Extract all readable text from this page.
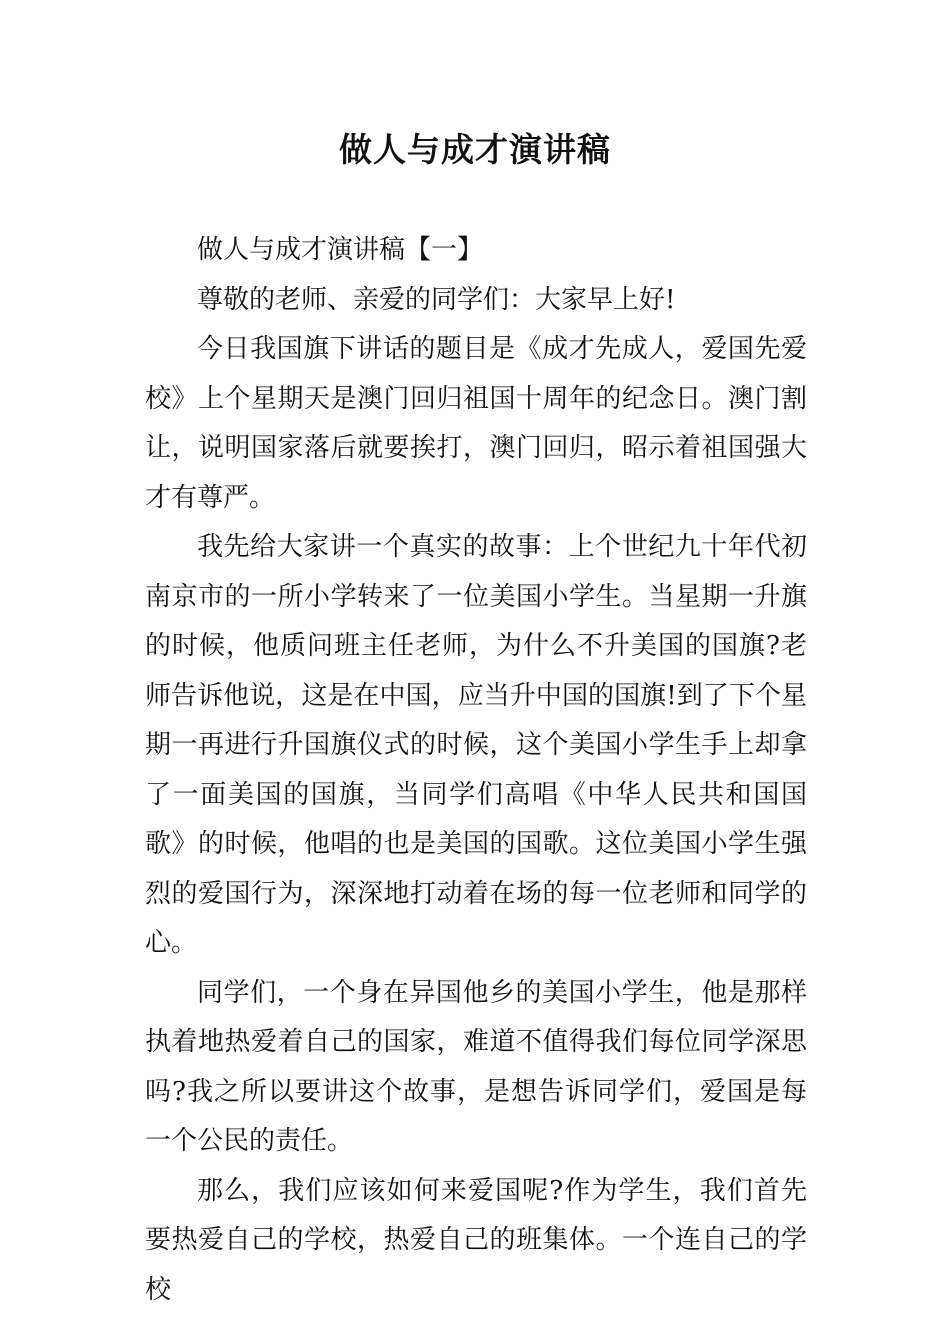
做人与成才演讲稿

做人与成才演讲稿【一】

尊敬的老师、亲爱的同学们：大家早上好!

今日我国旗下讲话的题目是《成才先成人，爱国先爱校》上个星期天是澳门回归祖国十周年的纪念日。澳门割让，说明国家落后就要挨打，澳门回归，昭示着祖国强大才有尊严。

我先给大家讲一个真实的故事：上个世纪九十年代初南京市的一所小学转来了一位美国小学生。当星期一升旗的时候，他质问班主任老师，为什么不升美国的国旗?老师告诉他说，这是在中国，应当升中国的国旗!到了下个星期一再进行升国旗仪式的时候，这个美国小学生手上却拿了一面美国的国旗，当同学们高唱《中华人民共和国国歌》的时候，他唱的也是美国的国歌。这位美国小学生强烈的爱国行为，深深地打动着在场的每一位老师和同学的心。

同学们，一个身在异国他乡的美国小学生，他是那样执着地热爱着自己的国家，难道不值得我们每位同学深思吗?我之所以要讲这个故事，是想告诉同学们，爱国是每一个公民的责任。

那么，我们应该如何来爱国呢?作为学生，我们首先要热爱自己的学校，热爱自己的班集体。一个连自己的学校
